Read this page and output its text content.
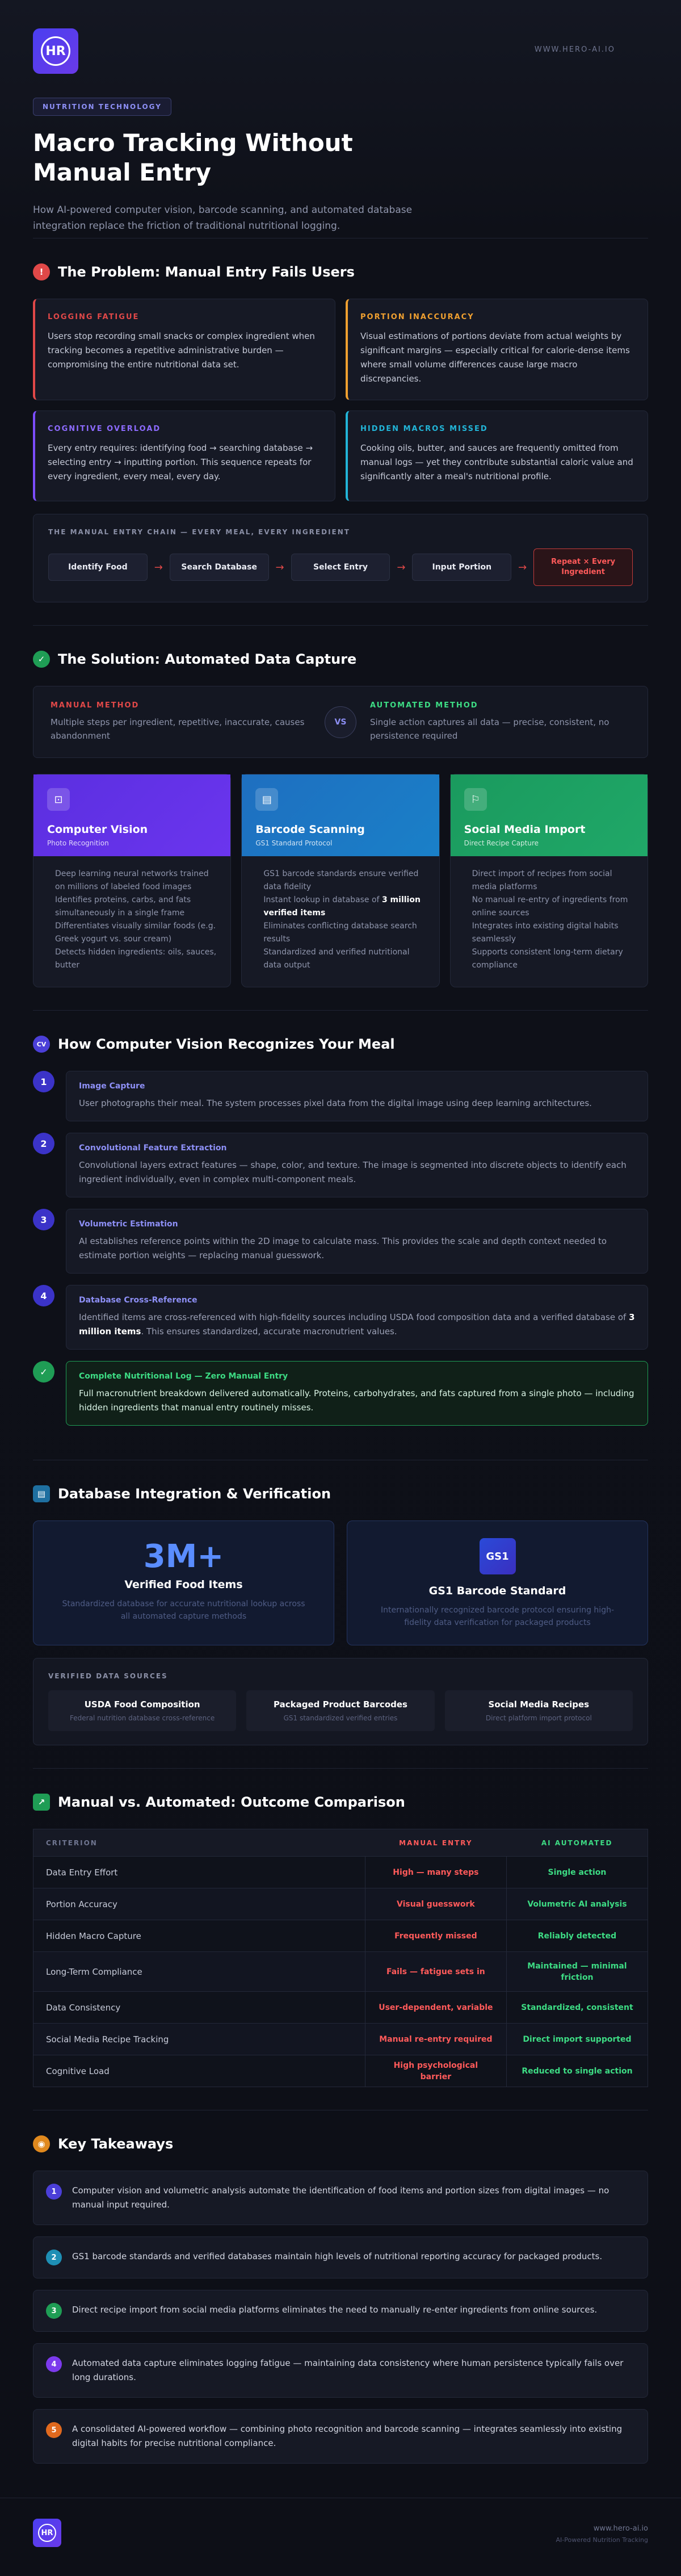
HR	WWW.HERO-AI.IO
NUTRITION TECHNOLOGY
Macro Tracking Without Manual Entry

How AI-powered computer vision, barcode scanning, and automated database integration replace the friction of traditional nutritional logging.

!	The Problem: Manual Entry Fails Users
LOGGING FATIGUE

Users stop recording small snacks or complex ingredient when tracking becomes a repetitive administrative burden — compromising the entire nutritional data set.

PORTION INACCURACY

Visual estimations of portions deviate from actual weights by significant margins — especially critical for calorie-dense items where small volume differences cause large macro discrepancies.

COGNITIVE OVERLOAD

Every entry requires: identifying food → searching database → selecting entry → inputting portion. This sequence repeats for every ingredient, every meal, every day.

HIDDEN MACROS MISSED

Cooking oils, butter, and sauces are frequently omitted from manual logs — yet they contribute substantial caloric value and significantly alter a meal's nutritional profile.

THE MANUAL ENTRY CHAIN — EVERY MEAL, EVERY INGREDIENT
Identify Food	→	Search Database	→	Select Entry	→	Input Portion	→	Repeat × Every Ingredient
✓ The Solution: Automated Data Capture
MANUAL METHOD

Multiple steps per ingredient, repetitive, inaccurate, causes abandonment

VS
AUTOMATED METHOD

Single action captures all data — precise, consistent, no persistence required

⊡
Computer Vision
Photo Recognition
Deep learning neural networks trained on millions of labeled food images
Identifies proteins, carbs, and fats simultaneously in a single frame
Differentiates visually similar foods (e.g. Greek yogurt vs. sour cream)
Detects hidden ingredients: oils, sauces, butter
▤
Barcode Scanning
GS1 Standard Protocol
GS1 barcode standards ensure verified data fidelity
Instant lookup in database of 3 million verified items
Eliminates conflicting database search results
Standardized and verified nutritional data output
⚐
Social Media Import
Direct Recipe Capture
Direct import of recipes from social media platforms
No manual re-entry of ingredients from online sources
Integrates into existing digital habits seamlessly
Supports consistent long-term dietary compliance
CV How Computer Vision Recognizes Your Meal
1	Image Capture

User photographs their meal. The system processes pixel data from the digital image using deep learning architectures.

2	Convolutional Feature Extraction

Convolutional layers extract features — shape, color, and texture. The image is segmented into discrete objects to identify each ingredient individually, even in complex multi-component meals.

3	Volumetric Estimation

AI establishes reference points within the 2D image to calculate mass. This provides the scale and depth context needed to estimate portion weights — replacing manual guesswork.

4	Database Cross-Reference

Identified items are cross-referenced with high-fidelity sources including USDA food composition data and a verified database of 3 million items. This ensures standardized, accurate macronutrient values.

✓	Complete Nutritional Log — Zero Manual Entry

Full macronutrient breakdown delivered automatically. Proteins, carbohydrates, and fats captured from a single photo — including hidden ingredients that manual entry routinely misses.

▤ Database Integration & Verification
3M+
Verified Food Items

Standardized database for accurate nutritional lookup across all automated capture methods

GS1
GS1 Barcode Standard

Internationally recognized barcode protocol ensuring high-fidelity data verification for packaged products

VERIFIED DATA SOURCES
USDA Food Composition
Federal nutrition database cross-reference
Packaged Product Barcodes
GS1 standardized verified entries
Social Media Recipes
Direct platform import protocol
↗ Manual vs. Automated: Outcome Comparison
CRITERION	MANUAL ENTRY	AI AUTOMATED
Data Entry Effort	High — many steps	Single action
Portion Accuracy	Visual guesswork	Volumetric AI analysis
Hidden Macro Capture	Frequently missed	Reliably detected
Long-Term Compliance	Fails — fatigue sets in	Maintained — minimal friction
Data Consistency	User-dependent, variable	Standardized, consistent
Social Media Recipe Tracking	Manual re-entry required	Direct import supported
Cognitive Load	High psychological barrier	Reduced to single action
◉ Key Takeaways
1	Computer vision and volumetric analysis automate the identification of food items and portion sizes from digital images — no manual input required.

2	GS1 barcode standards and verified databases maintain high levels of nutritional reporting accuracy for packaged products.

3	Direct recipe import from social media platforms eliminates the need to manually re-enter ingredients from online sources.

4	Automated data capture eliminates logging fatigue — maintaining data consistency where human persistence typically fails over long durations.

5	A consolidated AI-powered workflow — combining photo recognition and barcode scanning — integrates seamlessly into existing digital habits for precise nutritional compliance.

HR	www.hero-ai.io
AI-Powered Nutrition Tracking
